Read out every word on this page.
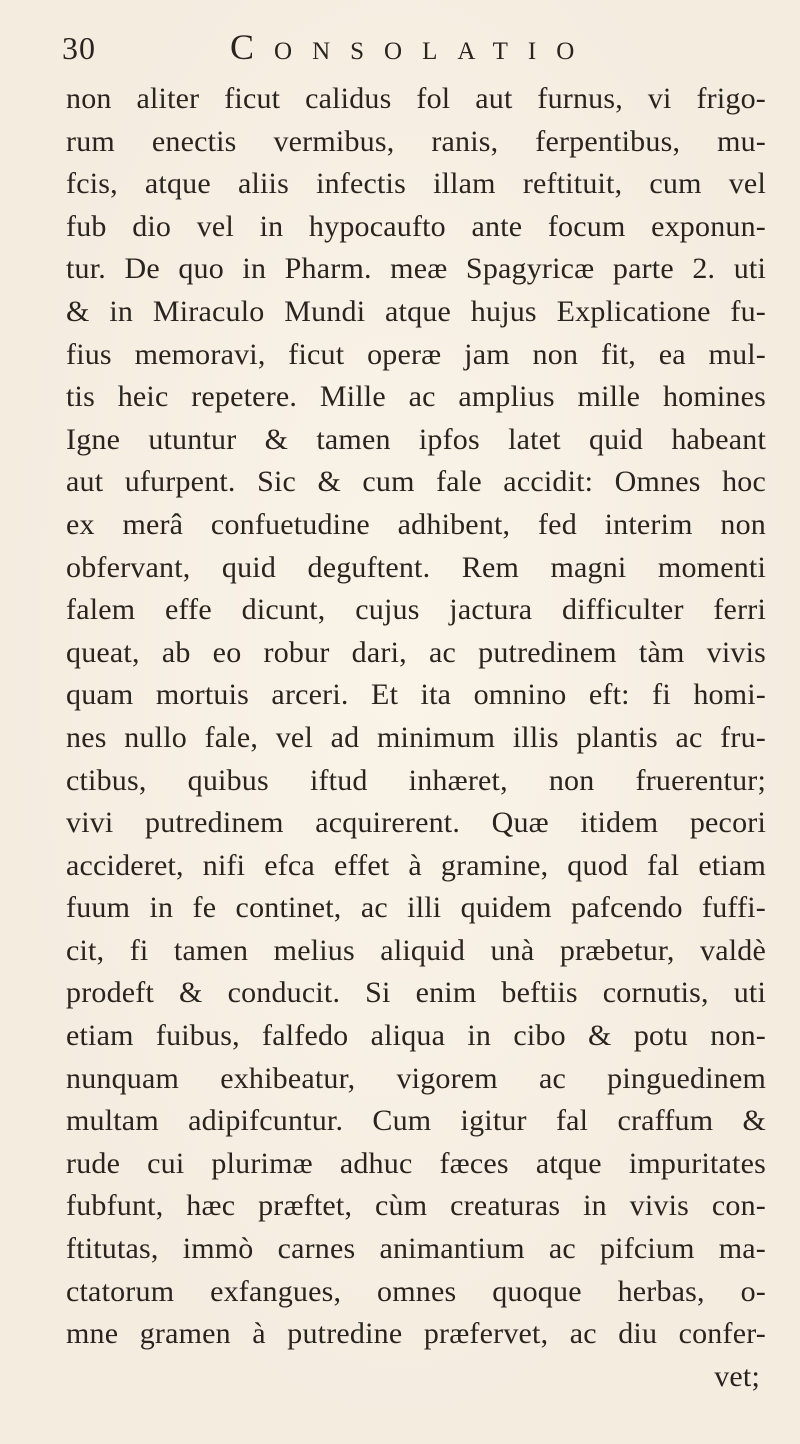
30	Consolatio
non aliter ficut calidus fol aut furnus, vi frigo-
rum enectis vermibus, ranis, ferpentibus, mu-
fcis, atque aliis infectis illam reftituit, cum vel
fub dio vel in hypocaufto ante focum exponun-
tur. De quo in Pharm. meæ Spagyricæ parte 2. uti
& in Miraculo Mundi atque hujus Explicatione fu-
fius memoravi, ficut operæ jam non fit, ea mul-
tis heic repetere. Mille ac amplius mille homines
Igne utuntur & tamen ipfos latet quid habeant
aut ufurpent. Sic & cum fale accidit: Omnes hoc
ex merâ confuetudine adhibent, fed interim non
obfervant, quid deguftent. Rem magni momenti
falem effe dicunt, cujus jactura difficulter ferri
queat, ab eo robur dari, ac putredinem tàm vivis
quam mortuis arceri. Et ita omnino eft: fi homi-
nes nullo fale, vel ad minimum illis plantis ac fru-
ctibus, quibus iftud inhæret, non fruerentur;
vivi putredinem acquirerent. Quæ itidem pecori
accideret, nifi efca effet à gramine, quod fal etiam
fuum in fe continet, ac illi quidem pafcendo fuffi-
cit, fi tamen melius aliquid unà præbetur, valdè
prodeft & conducit. Si enim beftiis cornutis, uti
etiam fuibus, falfedo aliqua in cibo & potu non-
nunquam exhibeatur, vigorem ac pinguedinem
multam adipifcuntur. Cum igitur fal craffum &
rude cui plurimæ adhuc fæces atque impuritates
fubfunt, hæc præftet, cùm creaturas in vivis con-
ftitutas, immò carnes animantium ac pifcium ma-
ctatorum exfangues, omnes quoque herbas, o-
mne gramen à putredine præfervet, ac diu confer-
vet;
